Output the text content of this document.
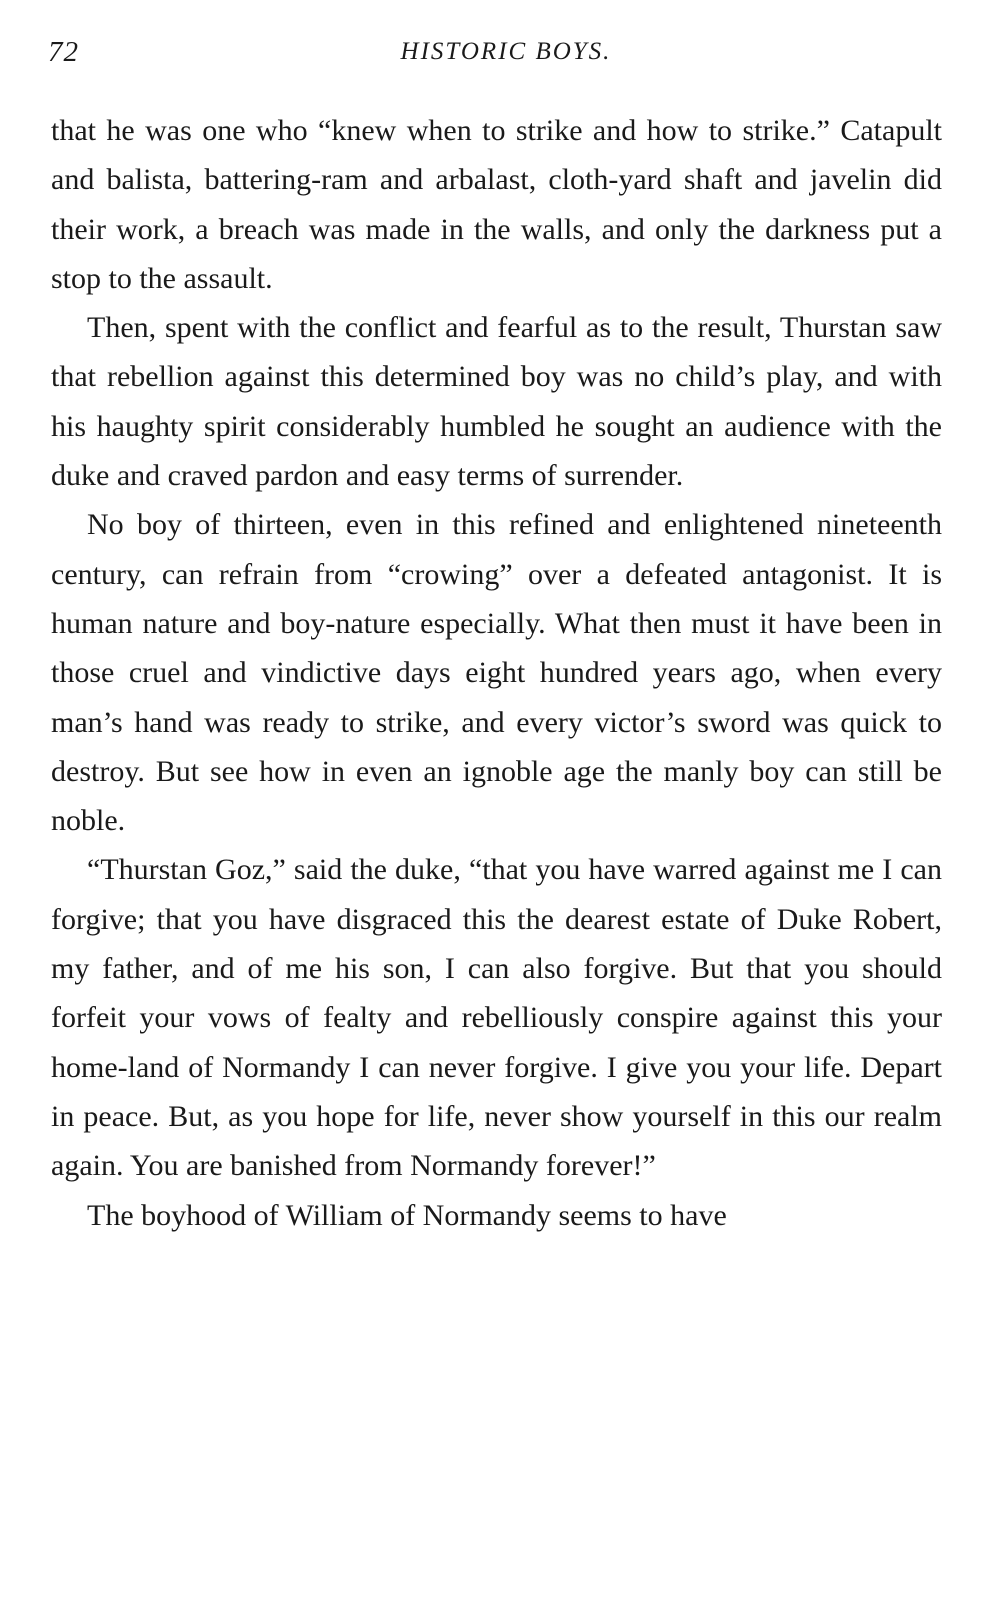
72	HISTORIC BOYS.

that he was one who “knew when to strike and how to strike.” Catapult and balista, battering-ram and arbalast, cloth-yard shaft and javelin did their work, a breach was made in the walls, and only the darkness put a stop to the assault.

Then, spent with the conflict and fearful as to the result, Thurstan saw that rebellion against this determined boy was no child’s play, and with his haughty spirit considerably humbled he sought an audience with the duke and craved pardon and easy terms of surrender.

No boy of thirteen, even in this refined and enlightened nineteenth century, can refrain from “crowing” over a defeated antagonist. It is human nature and boy-nature especially. What then must it have been in those cruel and vindictive days eight hundred years ago, when every man’s hand was ready to strike, and every victor’s sword was quick to destroy. But see how in even an ignoble age the manly boy can still be noble.

“Thurstan Goz,” said the duke, “that you have warred against me I can forgive; that you have disgraced this the dearest estate of Duke Robert, my father, and of me his son, I can also forgive. But that you should forfeit your vows of fealty and rebelliously conspire against this your home-land of Normandy I can never forgive. I give you your life. Depart in peace. But, as you hope for life, never show yourself in this our realm again. You are banished from Normandy forever!”

The boyhood of William of Normandy seems to have
